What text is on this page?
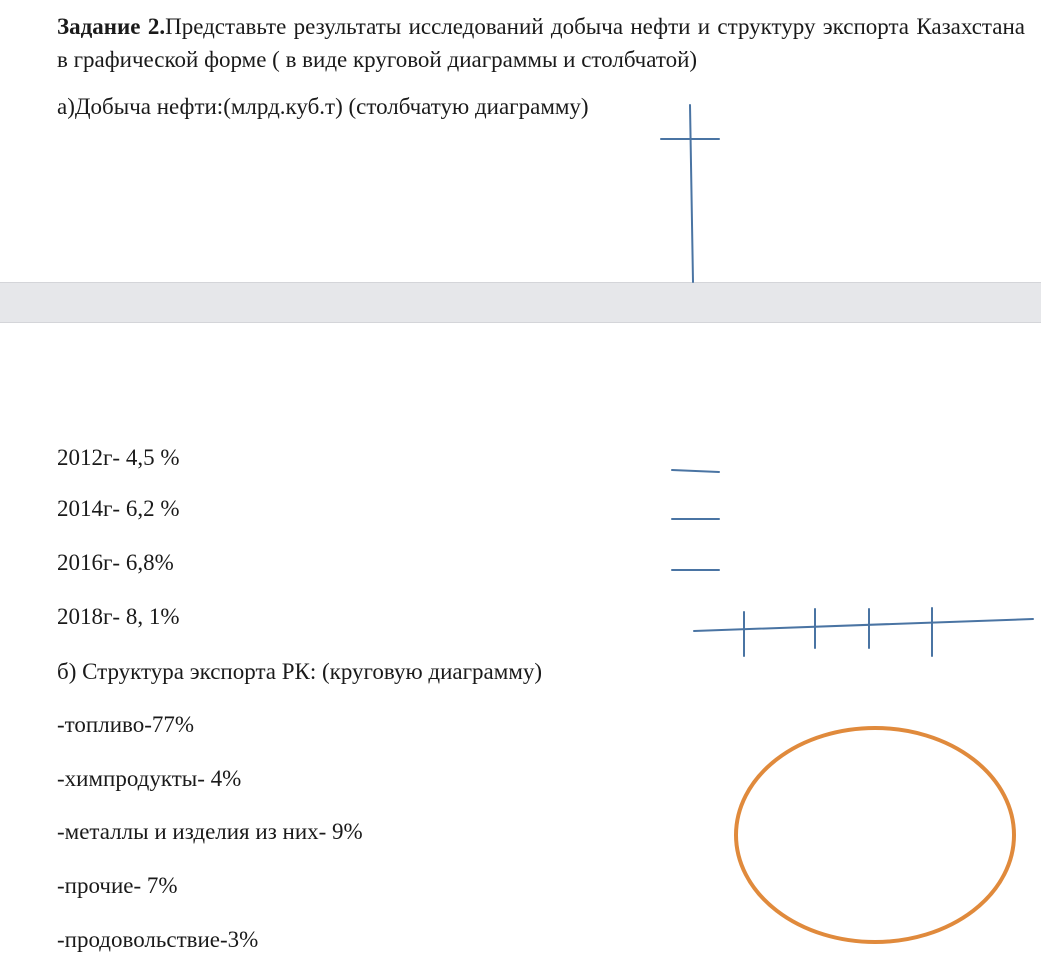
Задание 2.Представьте результаты исследований добыча нефти и структуру экспорта Казахстана в графической форме ( в виде круговой диаграммы и столбчатой)
а)Добыча нефти:(млрд.куб.т) (столбчатую диаграмму)
2012г- 4,5 %
2014г- 6,2 %
2016г- 6,8%
2018г- 8, 1%
б) Структура экспорта РК: (круговую диаграмму)
-топливо-77%
-химпродукты- 4%
-металлы и изделия из них- 9%
-прочие- 7%
-продовольствие-3%
